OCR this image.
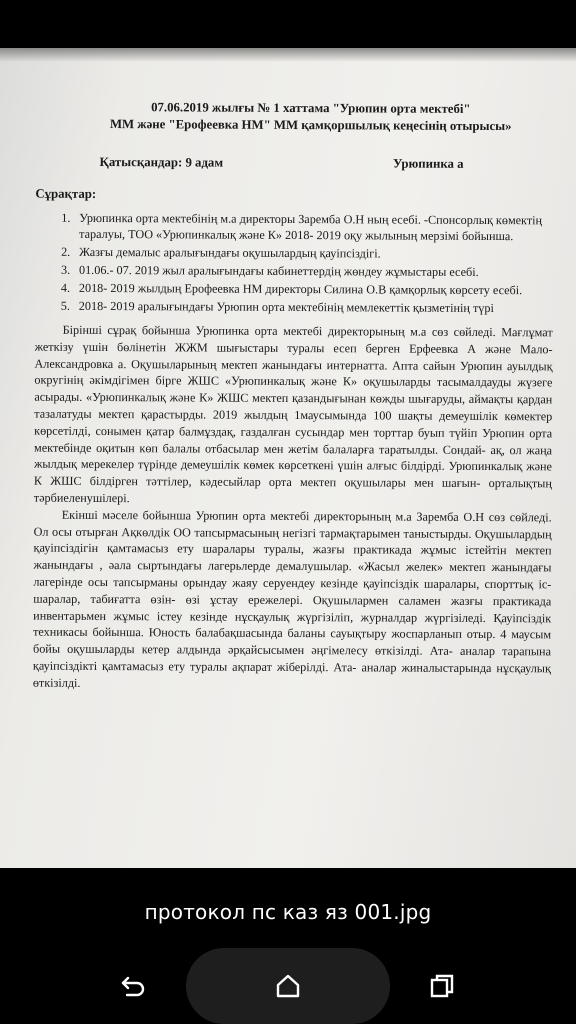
07.06.2019 жылғы № 1 хаттама "Урюпин орта мектебі"
ММ және "Ерофеевка НМ" ММ қамқоршылық кеңесінің отырысы»
Қатысқандар: 9 адам	Урюпинка а
Сұрақтар:
1. Урюпинка орта мектебінің м.а директоры Заремба О.Н ның есебі. -Спонсорлық көмектің таралуы, ТОО «Урюпинкалық және К» 2018- 2019 оқу жылының мерзімі бойынша.
2. Жазғы демалыс аралығындағы оқушылардың қауіпсіздігі.
3. 01.06.- 07. 2019 жыл аралығындағы кабинеттердің жөндеу жұмыстары есебі.
4. 2018- 2019 жылдың Ерофеевка НМ директоры Силина О.В қамқорлық көрсету есебі.
5. 2018- 2019 аралығындағы Урюпин орта мектебінің мемлекеттік қызметінің түрі

Бірінші сұрақ бойынша Урюпинка орта мектебі директорының м.а сөз сөйледі. Мағлұмат жеткізу үшін бөлінетін ЖЖМ шығыстары туралы есеп берген Ерфеевка А және Мало- Александровка а. Оқушыларының мектеп жанындағы интернатта. Апта сайын Урюпин ауылдық округінің әкімдігімен бірге ЖШС «Урюпинкалық және К» оқушыларды тасымалдауды жүзеге асырады. «Урюпинкалық және К» ЖШС мектеп қазандығынан көжды шығаруды, аймақты қардан тазалатуды мектеп қарастырды. 2019 жылдың 1маусымында 100 шақты демеушілік көмектер көрсетілді, сонымен қатар балмұздақ, газдалған сусындар мен торттар буып түйіп Урюпин орта мектебінде оқитын көп балалы отбасылар мен жетім балаларға таратылды. Сондай- ақ, ол жаңа жылдық мерекелер түрінде демеушілік көмек көрсеткені үшін алғыс білдірді. Урюпинкалық және К ЖШС білдірген тәттілер, кәдесыйлар орта мектеп оқушылары мен шағын- орталықтың тәрбиеленушілері.

Екінші мәселе бойынша Урюпин орта мектебі директорының м.а Заремба О.Н сөз сөйледі. Ол осы отырған Ақкөлдік ОО тапсырмасының негізгі тармақтарымен таныстырды. Оқушылардың қауіпсіздігін қамтамасыз ету шаралары туралы, жазғы практикада жұмыс істейтін мектеп жанындағы , әала сыртындағы лагерьлерде демалушылар. «Жасыл желек» мектеп жанындағы лагерінде осы тапсырманы орындау жаяу серуендеу кезінде қауіпсіздік шаралары, спорттық іс- шаралар, табиғатта өзін- өзі ұстау ережелері. Оқушылармен саламен жазғы практикада инвентарьмен жұмыс істеу кезінде нұсқаулық жүргізіліп, журналдар жүргізіледі. Қауіпсіздік техникасы бойынша. Юность балабақшасында баланы сауықтыру жоспарланып отыр. 4 маусым бойы оқушыларды кетер алдында әрқайсысымен әңгімелесу өткізілді. Ата- аналар тарапына қауіпсіздікті қамтамасыз ету туралы ақпарат жіберілді. Ата- аналар жиналыстарында нұсқаулық өткізілді.

протокол пс каз яз 001.jpg
